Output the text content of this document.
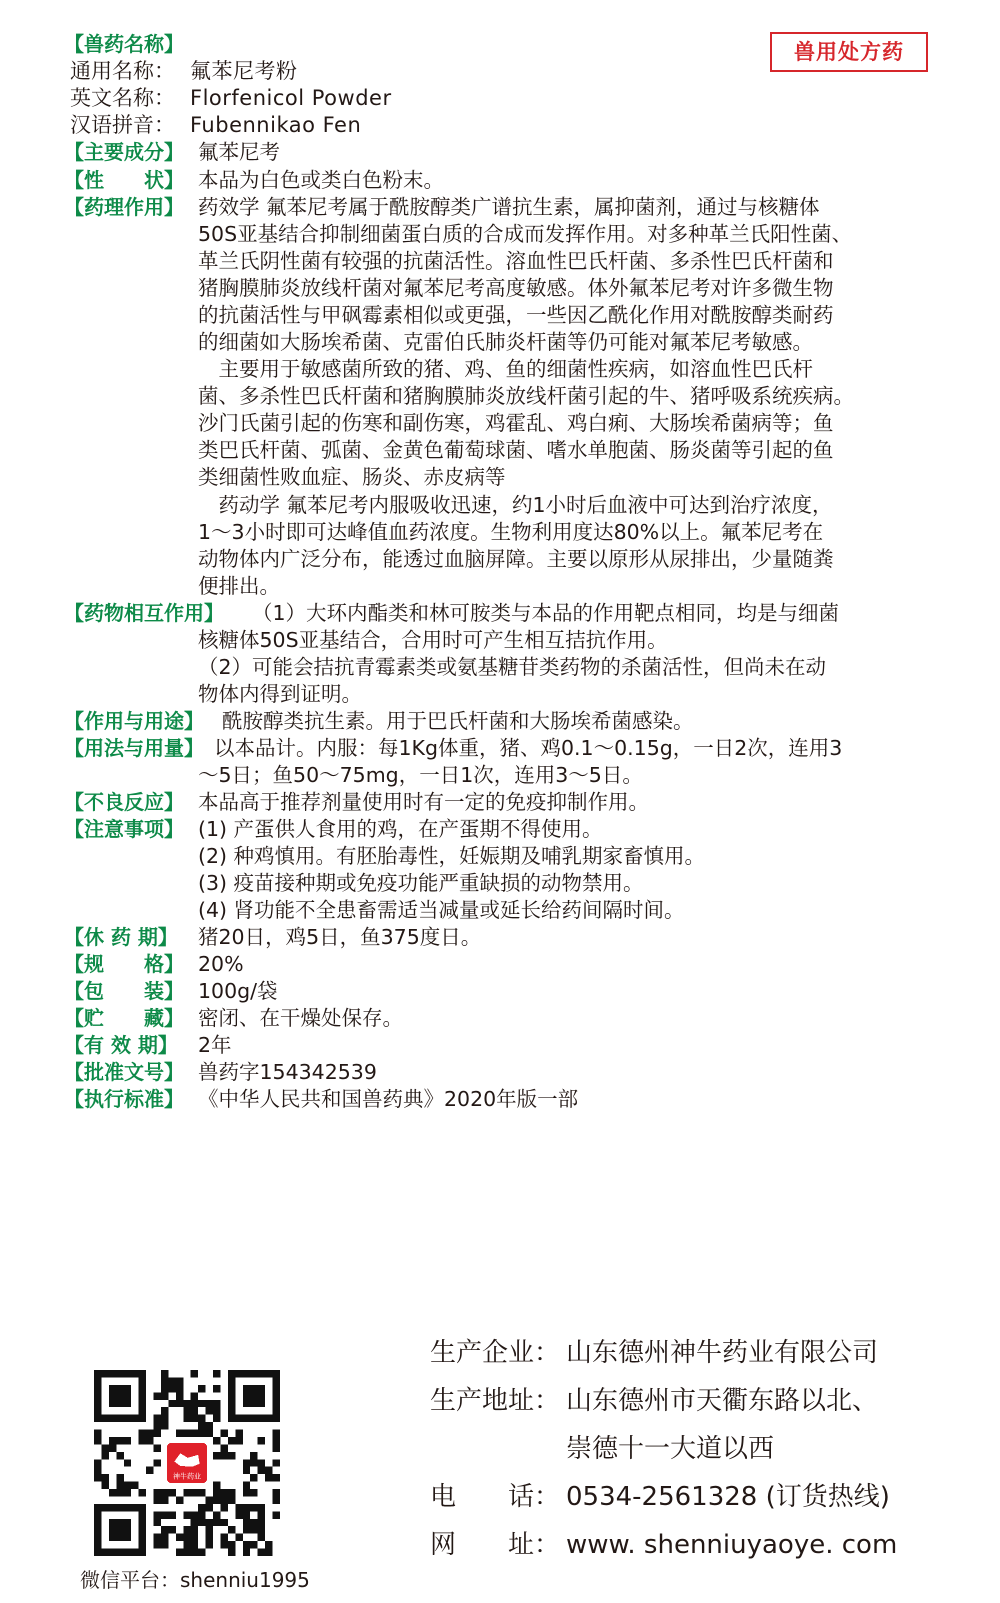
兽用处方药
【兽药名称】
通用名称： 氟苯尼考粉
英文名称： Florfenicol Powder
汉语拼音： Fubennikao Fen
【主要成分】 氟苯尼考
【性　　状】 本品为白色或类白色粉末。
【药理作用】 药效学 氟苯尼考属于酰胺醇类广谱抗生素，属抑菌剂，通过与核糖体
50S亚基结合抑制细菌蛋白质的合成而发挥作用。对多种革兰氏阳性菌、
革兰氏阴性菌有较强的抗菌活性。溶血性巴氏杆菌、多杀性巴氏杆菌和
猪胸膜肺炎放线杆菌对氟苯尼考高度敏感。体外氟苯尼考对许多微生物
的抗菌活性与甲砜霉素相似或更强，一些因乙酰化作用对酰胺醇类耐药
的细菌如大肠埃希菌、克雷伯氏肺炎杆菌等仍可能对氟苯尼考敏感。
　主要用于敏感菌所致的猪、鸡、鱼的细菌性疾病，如溶血性巴氏杆
菌、多杀性巴氏杆菌和猪胸膜肺炎放线杆菌引起的牛、猪呼吸系统疾病。
沙门氏菌引起的伤寒和副伤寒，鸡霍乱、鸡白痢、大肠埃希菌病等；鱼
类巴氏杆菌、弧菌、金黄色葡萄球菌、嗜水单胞菌、肠炎菌等引起的鱼
类细菌性败血症、肠炎、赤皮病等
　药动学 氟苯尼考内服吸收迅速，约1小时后血液中可达到治疗浓度，
1～3小时即可达峰值血药浓度。生物利用度达80%以上。氟苯尼考在
动物体内广泛分布，能透过血脑屏障。主要以原形从尿排出，少量随粪
便排出。
【药物相互作用】 （1）大环内酯类和林可胺类与本品的作用靶点相同，均是与细菌
核糖体50S亚基结合，合用时可产生相互拮抗作用。
（2）可能会拮抗青霉素类或氨基糖苷类药物的杀菌活性，但尚未在动
物体内得到证明。
【作用与用途】 酰胺醇类抗生素。用于巴氏杆菌和大肠埃希菌感染。
【用法与用量】 以本品计。内服：每1Kg体重，猪、鸡0.1～0.15g，一日2次，连用3
～5日；鱼50～75mg，一日1次，连用3～5日。
【不良反应】 本品高于推荐剂量使用时有一定的免疫抑制作用。
【注意事项】 (1) 产蛋供人食用的鸡，在产蛋期不得使用。
(2) 种鸡慎用。有胚胎毒性，妊娠期及哺乳期家畜慎用。
(3) 疫苗接种期或免疫功能严重缺损的动物禁用。
(4) 肾功能不全患畜需适当减量或延长给药间隔时间。
【休 药 期】 猪20日，鸡5日，鱼375度日。
【规　　格】 20%
【包　　装】 100g/袋
【贮　　藏】 密闭、在干燥处保存。
【有 效 期】 2年
【批准文号】 兽药字154342539
【执行标准】 《中华人民共和国兽药典》2020年版一部
微信平台：shenniu1995
生产企业： 山东德州神牛药业有限公司
生产地址： 山东德州市天衢东路以北、
崇德十一大道以西
电　　话： 0534-2561328 (订货热线)
网　　址： www. shenniuyaoye. com
